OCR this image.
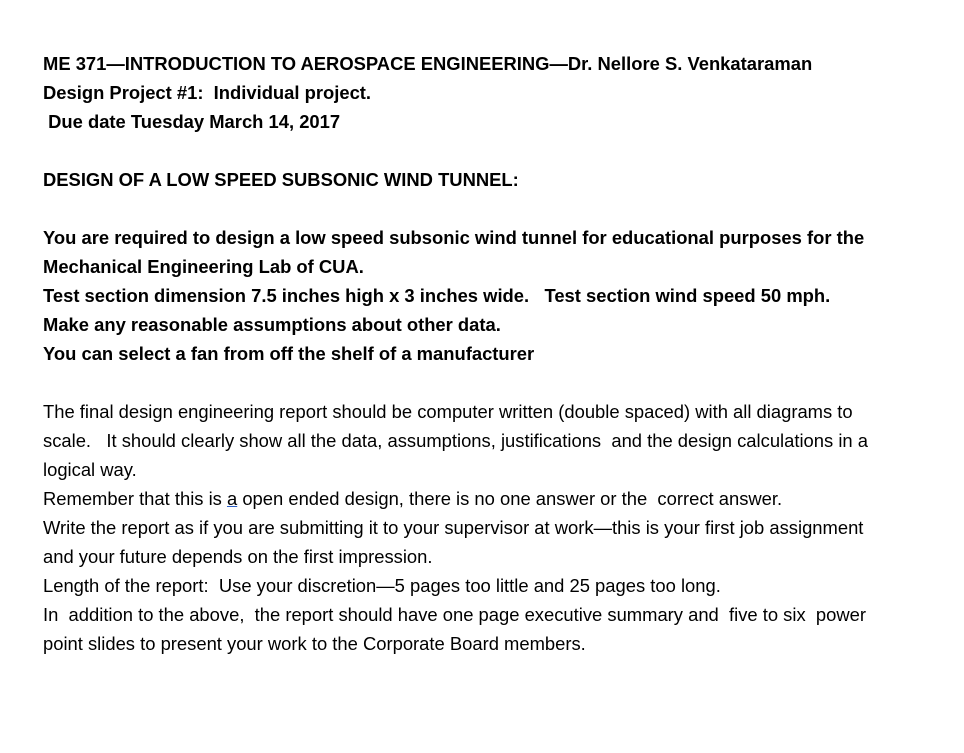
ME 371—INTRODUCTION TO AEROSPACE ENGINEERING—Dr. Nellore S. Venkataraman
Design Project #1:  Individual project.
Due date Tuesday March 14, 2017
DESIGN OF A LOW SPEED SUBSONIC WIND TUNNEL:
You are required to design a low speed subsonic wind tunnel for educational purposes for the
Mechanical Engineering Lab of CUA.
Test section dimension 7.5 inches high x 3 inches wide.   Test section wind speed 50 mph.
Make any reasonable assumptions about other data.
You can select a fan from off the shelf of a manufacturer
The final design engineering report should be computer written (double spaced) with all diagrams to
scale.   It should clearly show all the data, assumptions, justifications  and the design calculations in a
logical way.
Remember that this is a open ended design, there is no one answer or the  correct answer.
Write the report as if you are submitting it to your supervisor at work—this is your first job assignment
and your future depends on the first impression.
Length of the report:  Use your discretion—5 pages too little and 25 pages too long.
In  addition to the above,  the report should have one page executive summary and  five to six  power
point slides to present your work to the Corporate Board members.
